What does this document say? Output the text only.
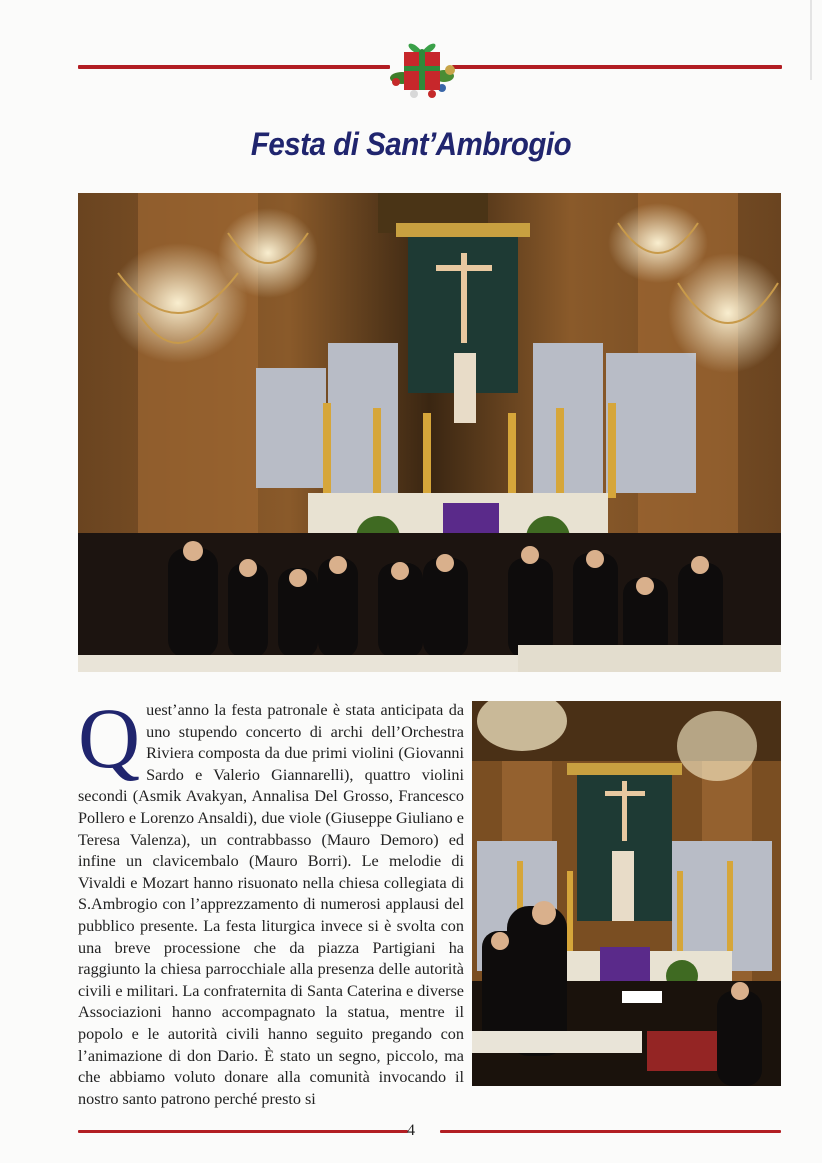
Festa di Sant’Ambrogio
Q uest’anno la festa patronale è stata anticipata da uno stupendo concerto di archi dell’Orchestra Riviera composta da due primi violini (Giovanni Sardo e Valerio Giannarelli), quattro violini secondi (Asmik Avakyan, Annalisa Del Grosso, Francesco Pollero e Lorenzo Ansaldi), due viole (Giuseppe Giuliano e Teresa Valenza), un contrabbasso (Mauro Demoro) ed infine un clavicembalo (Mauro Borri). Le melodie di Vivaldi e Mozart hanno risuonato nella chiesa collegiata di S.Ambrogio con l’apprezzamento di numerosi applausi del pubblico presente. La festa liturgica invece si è svolta con una breve processione che da piazza Partigiani ha raggiunto la chiesa parrocchiale alla presenza delle autorità civili e militari. La confraternita di Santa Caterina e diverse Associazioni hanno accompagnato la statua, mentre il popolo e le autorità civili hanno seguito pregando con l’animazione di don Dario. È stato un segno, piccolo, ma che abbiamo voluto donare alla comunità invocando il nostro santo patrono perché presto si

4
